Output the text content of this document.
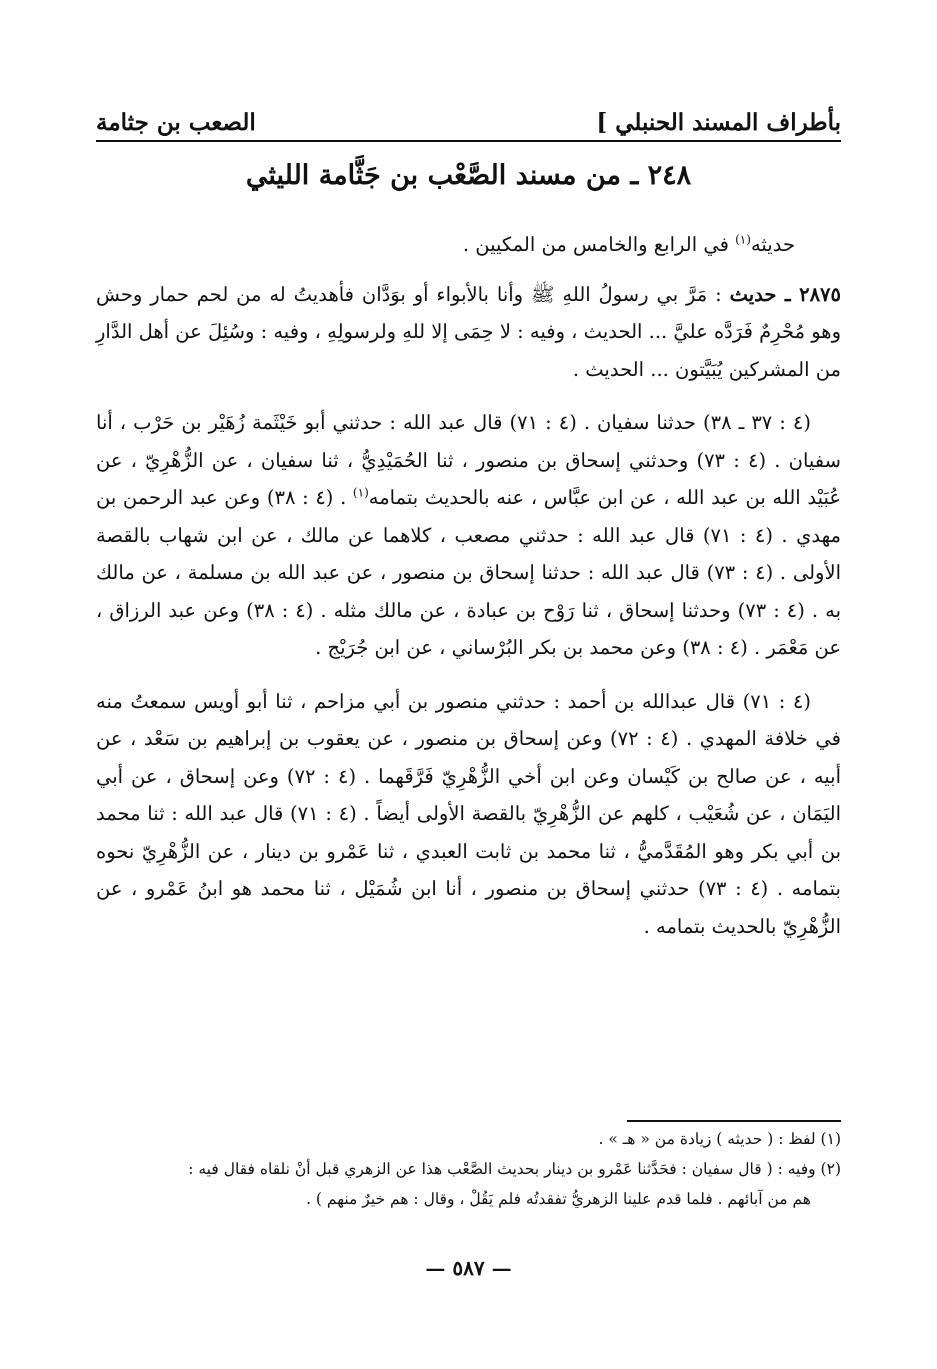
بأطراف المسند الحنبلي ]
الصعب بن جثامة
٢٤٨ ـ من مسند الصَّعْب بن جَثَّامة الليثي

حديثه$^{(١)}$ في الرابع والخامس من المكيين .

٢٨٧٥ ـ حديث : مَرَّ بي رسولُ اللهِ ﷺ وأنا بالأبواء أو بوَدَّان فأهديتُ له من لحم حمار وحش وهو مُحْرِمٌ فَرَدَّه عليَّ ... الحديث ، وفيه : لا حِمَى إلا للهِ ولرسولِهِ ، وفيه : وسُئِلَ عن أهل الدَّارِ من المشركين يُبَيَّتون ... الحديث .

(٤ : ٣٧ ـ ٣٨) حدثنا سفيان . (٤ : ٧١) قال عبد الله : حدثني أبو خَيْثَمة زُهَيْر بن حَرْب ، أنا سفيان . (٤ : ٧٣) وحدثني إسحاق بن منصور ، ثنا الحُمَيْدِيُّ ، ثنا سفيان ، عن الزُّهْرِيّ ، عن عُبَيْد الله بن عبد الله ، عن ابن عبَّاس ، عنه بالحديث بتمامه$^{(١)}$ . (٤ : ٣٨) وعن عبد الرحمن بن مهدي . (٤ : ٧١) قال عبد الله : حدثني مصعب ، كلاهما عن مالك ، عن ابن شهاب بالقصة الأولى . (٤ : ٧٣) قال عبد الله : حدثنا إسحاق بن منصور ، عن عبد الله بن مسلمة ، عن مالك به . (٤ : ٧٣) وحدثنا إسحاق ، ثنا رَوْح بن عبادة ، عن مالك مثله . (٤ : ٣٨) وعن عبد الرزاق ، عن مَعْمَر . (٤ : ٣٨) وعن محمد بن بكر البُرْساني ، عن ابن جُرَيْج .

(٤ : ٧١) قال عبدالله بن أحمد : حدثني منصور بن أبي مزاحم ، ثنا أبو أويس سمعتُ منه في خلافة المهدي . (٤ : ٧٢) وعن إسحاق بن منصور ، عن يعقوب بن إبراهيم بن سَعْد ، عن أبيه ، عن صالح بن كَيْسان وعن ابن أخي الزُّهْرِيّ فَرَّقَهما . (٤ : ٧٢) وعن إسحاق ، عن أبي اليَمَان ، عن شُعَيْب ، كلهم عن الزُّهْرِيّ بالقصة الأولى أيضاً . (٤ : ٧١) قال عبد الله : ثنا محمد بن أبي بكر وهو المُقَدَّميُّ ، ثنا محمد بن ثابت العبدي ، ثنا عَمْرو بن دينار ، عن الزُّهْرِيّ نحوه بتمامه . (٤ : ٧٣) حدثني إسحاق بن منصور ، أنا ابن شُمَيْل ، ثنا محمد هو ابنُ عَمْرو ، عن الزُّهْرِيّ بالحديث بتمامه .

(١) لفظ : ( حديثه ) زيادة من « هـ » .

(٢) وفيه : ( قال سفيان : فحَدَّثنا عَمْرو بن دينار بحديث الصَّعْب هذا عن الزهري قبل أنْ نلقاه فقال فيه :

هم من آبائهم . فلما قدم علينا الزهريُّ تفقدتُه فلم يَقُلْ ، وقال : هم خيرٌ منهم ) .

— ٥٨٧ —
